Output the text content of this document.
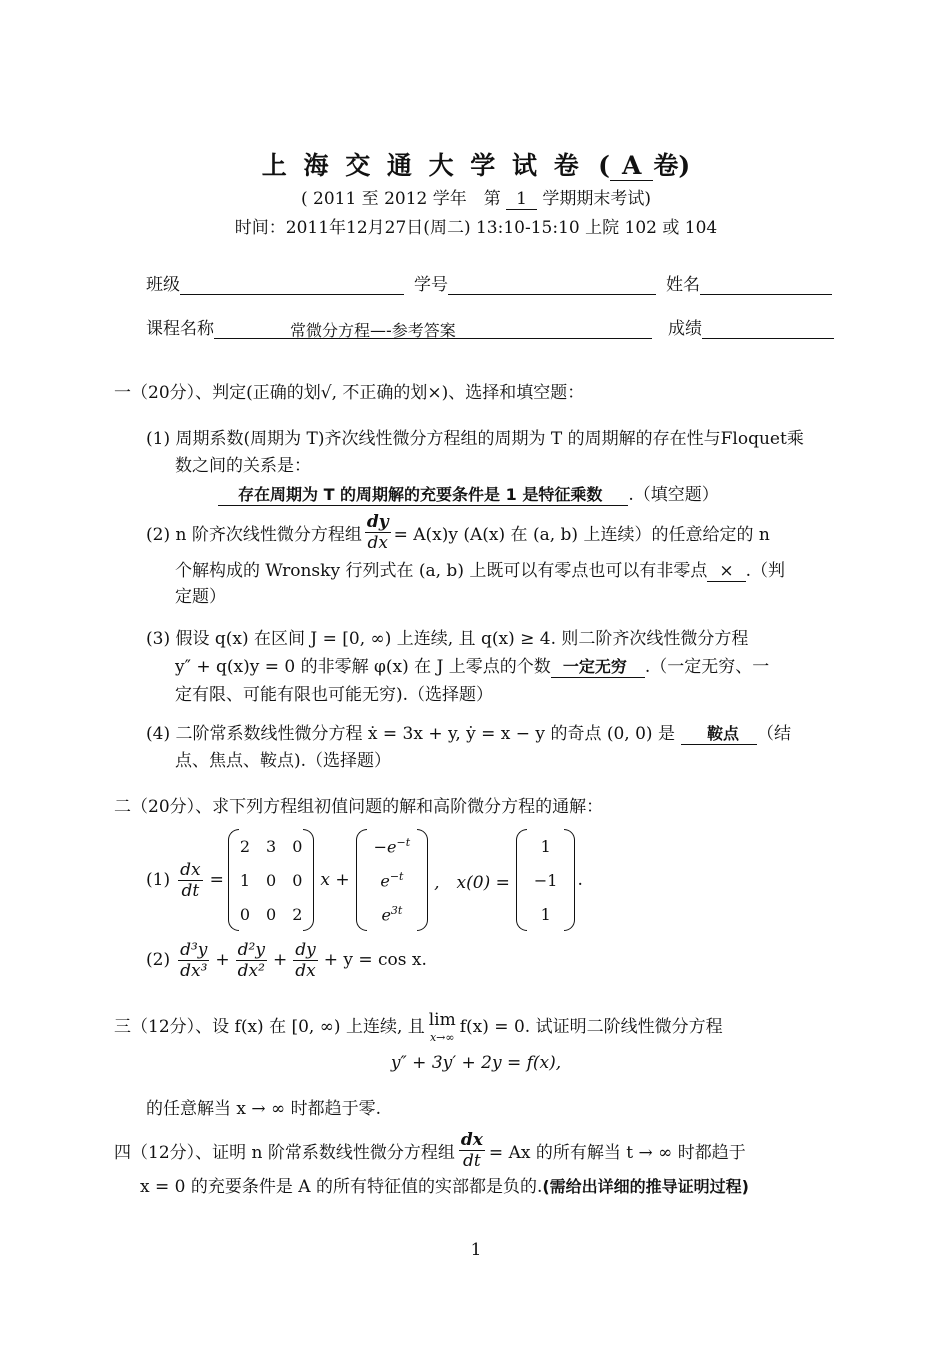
上 海 交 通 大 学 试 卷 ( A 卷)
( 2011 至 2012 学年　第 1 学期期末考试)
时间：2011年12月27日(周二) 13:10-15:10 上院 102 或 104
班级	学号	姓名
课程名称	常微分方程—-参考答案	成绩
一（20分）、判定(正确的划√, 不正确的划×)、选择和填空题：
(1) 周期系数(周期为 T)齐次线性微分方程组的周期为 T 的周期解的存在性与Floquet乘
数之间的关系是：
存在周期为 T 的周期解的充要条件是 1 是特征乘数 .（填空题）
(2) n 阶齐次线性微分方程组 $\frac{dy}{dx} = A(x)y$ (A(x) 在 (a, b) 上连续）的任意给定的 n
个解构成的 Wronsky 行列式在 (a, b) 上既可以有零点也可以有非零点 × .（判
定题）
(3) 假设 q(x) 在区间 J = [0, ∞) 上连续, 且 q(x) ≥ 4. 则二阶齐次线性微分方程
y″ + q(x)y = 0 的非零解 φ(x) 在 J 上零点的个数 一定无穷 .（一定无穷、一
定有限、可能有限也可能无穷).（选择题）
(4) 二阶常系数线性微分方程 ẋ = 3x + y, ẏ = x − y 的奇点 (0, 0) 是 鞍点 （结
点、焦点、鞍点).（选择题）
二（20分）、求下列方程组初值问题的解和高阶微分方程的通解：
$(1) \frac{dx}{dt}$ =
2	3	0
1	0	0
0	0	2
x +
$-e^{-t}$
$e^{-t}$
$e^{3t}$
,　x(0) =
1
−1
1
.
$(2) \frac{\text{d³y}}{\text{dx³}} + \frac{\text{d²y}}{\text{dx²}} + \frac{dy}{dx} + y = \cos x$.
三（12分）、设 f(x) 在 [0, ∞) 上连续, 且 lim
x→∞
f(x) = 0. 试证明二阶线性微分方程
y″ + 3y′ + 2y = f(x),
的任意解当 x → ∞ 时都趋于零.
四（12分）、证明 n 阶常系数线性微分方程组 $\frac{dx}{dt} = Ax$ 的所有解当 t → ∞ 时都趋于
x = 0 的充要条件是 A 的所有特征值的实部都是负的.(需给出详细的推导证明过程)
1
